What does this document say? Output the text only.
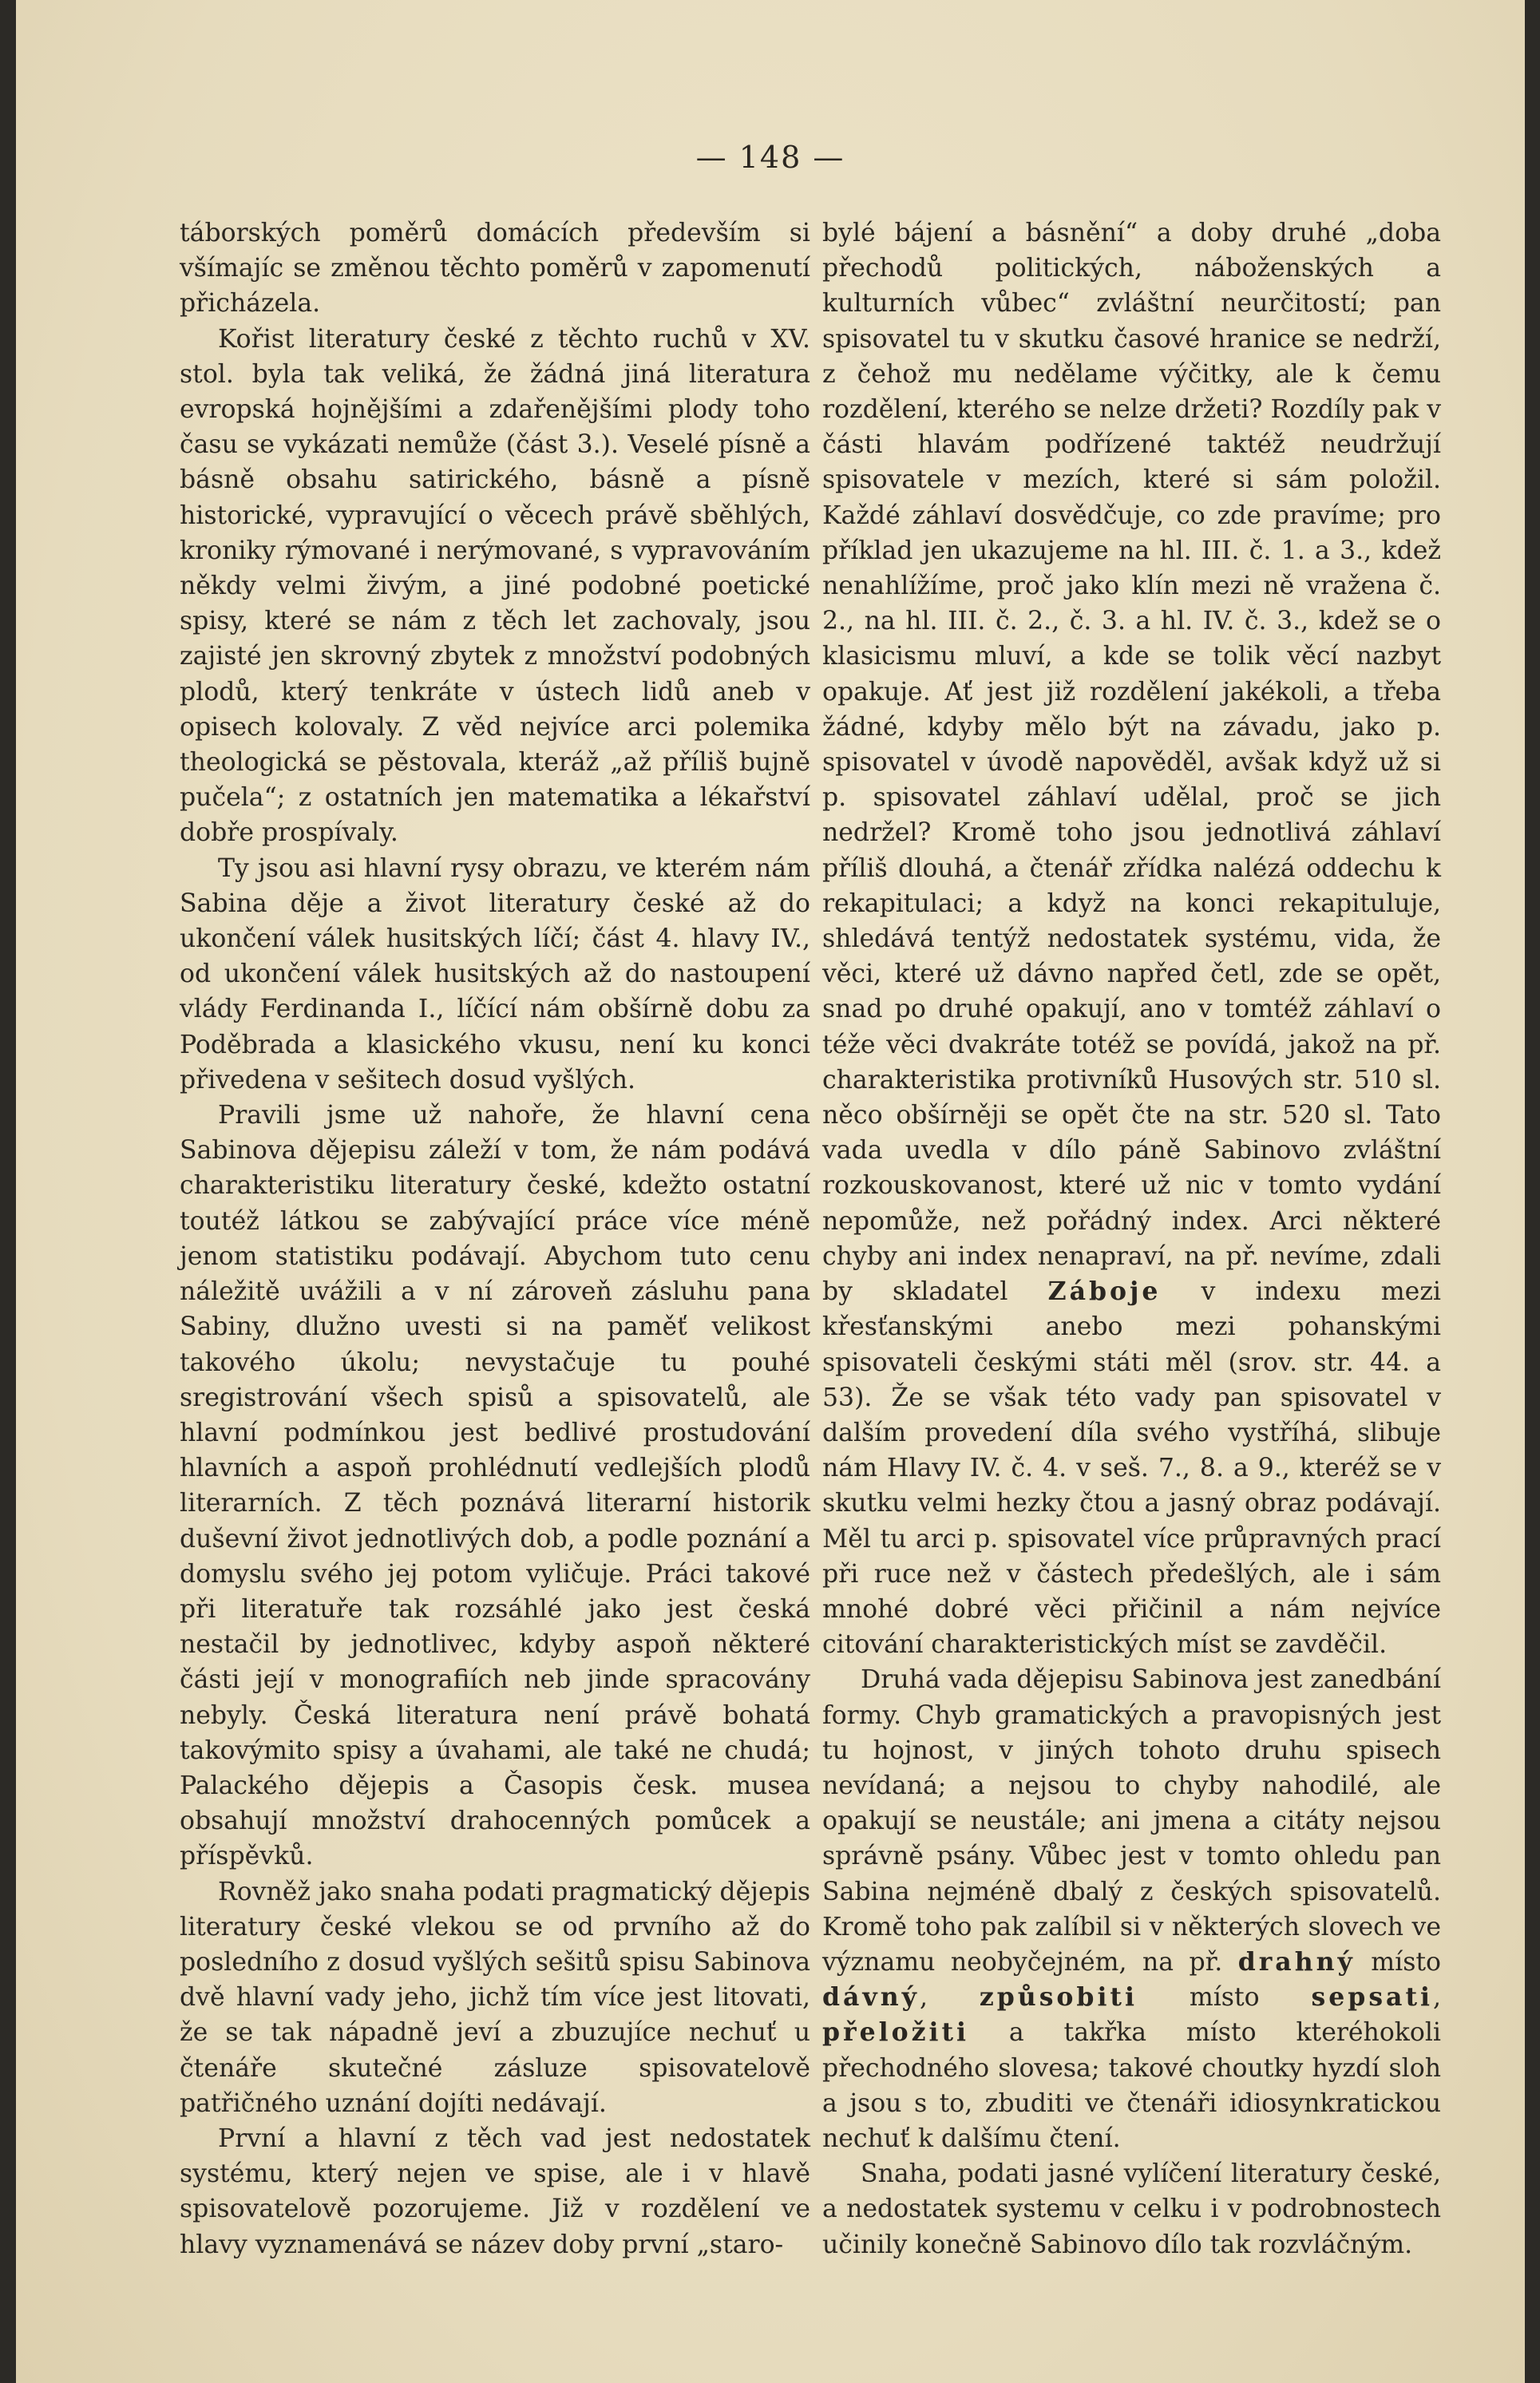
— 148 —

táborských poměrů domácích především si všímajíc se změnou těchto poměrů v zapomenutí přicházela.

Kořist literatury české z těchto ruchů v XV. stol. byla tak veliká, že žádná jiná literatura evropská hojnějšími a zdařenějšími plody toho času se vykázati nemůže (část 3.). Veselé písně a básně obsahu satirického, básně a písně historické, vypravující o věcech právě sběhlých, kroniky rýmované i nerýmované, s vypravováním někdy velmi živým, a jiné podobné poetické spisy, které se nám z těch let zachovaly, jsou zajisté jen skrovný zbytek z množství podobných plodů, který tenkráte v ústech lidů aneb v opisech kolovaly. Z věd nejvíce arci polemika theologická se pěstovala, kteráž „až příliš bujně pučela“; z ostatních jen matematika a lékařství dobře prospívaly.

Ty jsou asi hlavní rysy obrazu, ve kterém nám Sabina děje a život literatury české až do ukončení válek husitských líčí; část 4. hlavy IV., od ukončení válek husitských až do nastoupení vlády Ferdinanda I., líčící nám obšírně dobu za Poděbrada a klasického vkusu, není ku konci přivedena v sešitech dosud vyšlých.

Pravili jsme už nahoře, že hlavní cena Sabinova dějepisu záleží v tom, že nám podává charakteristiku literatury české, kdežto ostatní toutéž látkou se zabývající práce více méně jenom statistiku podávají. Abychom tuto cenu náležitě uvážili a v ní zároveň zásluhu pana Sabiny, dlužno uvesti si na paměť velikost takového úkolu; nevystačuje tu pouhé sregistrování všech spisů a spisovatelů, ale hlavní podmínkou jest bedlivé prostudování hlavních a aspoň prohlédnutí vedlejších plodů literarních. Z těch poznává literarní historik duševní život jednotlivých dob, a podle poznání a domyslu svého jej potom vyličuje. Práci takové při literatuře tak rozsáhlé jako jest česká nestačil by jednotlivec, kdyby aspoň některé části její v monografiích neb jinde spracovány nebyly. Česká literatura není právě bohatá takovýmito spisy a úvahami, ale také ne chudá; Palackého dějepis a Časopis česk. musea obsahují množství drahocenných pomůcek a příspěvků.

Rovněž jako snaha podati pragmatický dějepis literatury české vlekou se od prvního až do posledního z dosud vyšlých sešitů spisu Sabinova dvě hlavní vady jeho, jichž tím více jest litovati, že se tak nápadně jeví a zbuzujíce nechuť u čtenáře skutečné zásluze spisovatelově patřičného uznání dojíti nedávají.

První a hlavní z těch vad jest nedostatek systému, který nejen ve spise, ale i v hlavě spisovatelově pozorujeme. Již v rozdělení ve hlavy vyznamenává se název doby první „staro-

bylé bájení a básnění“ a doby druhé „doba přechodů politických, náboženských a kulturních vůbec“ zvláštní neurčitostí; pan spisovatel tu v skutku časové hranice se nedrží, z čehož mu nedělame výčitky, ale k čemu rozdělení, kterého se nelze držeti? Rozdíly pak v části hlavám podřízené taktéž neudržují spisovatele v mezích, které si sám položil. Každé záhlaví dosvědčuje, co zde pravíme; pro příklad jen ukazujeme na hl. III. č. 1. a 3., kdež nenahlížíme, proč jako klín mezi ně vražena č. 2., na hl. III. č. 2., č. 3. a hl. IV. č. 3., kdež se o klasicismu mluví, a kde se tolik věcí nazbyt opakuje. Ať jest již rozdělení jakékoli, a třeba žádné, kdyby mělo být na závadu, jako p. spisovatel v úvodě napověděl, avšak když už si p. spisovatel záhlaví udělal, proč se jich nedržel? Kromě toho jsou jednotlivá záhlaví příliš dlouhá, a čtenář zřídka nalézá oddechu k rekapitulaci; a když na konci rekapituluje, shledává tentýž nedostatek systému, vida, že věci, které už dávno napřed četl, zde se opět, snad po druhé opakují, ano v tomtéž záhlaví o téže věci dvakráte totéž se povídá, jakož na př. charakteristika protivníků Husových str. 510 sl. něco obšírněji se opět čte na str. 520 sl. Tato vada uvedla v dílo páně Sabinovo zvláštní rozkouskovanost, které už nic v tomto vydání nepomůže, než pořádný index. Arci některé chyby ani index nenapraví, na př. nevíme, zdali by skladatel Záboje v indexu mezi křesťanskými anebo mezi pohanskými spisovateli českými státi měl (srov. str. 44. a 53). Že se však této vady pan spisovatel v dalším provedení díla svého vystříhá, slibuje nám Hlavy IV. č. 4. v seš. 7., 8. a 9., kteréž se v skutku velmi hezky čtou a jasný obraz podávají. Měl tu arci p. spisovatel více průpravných prací při ruce než v částech předešlých, ale i sám mnohé dobré věci přičinil a nám nejvíce citování charakteristických míst se zavděčil.

Druhá vada dějepisu Sabinova jest zanedbání formy. Chyb gramatických a pravopisných jest tu hojnost, v jiných tohoto druhu spisech nevídaná; a nejsou to chyby nahodilé, ale opakují se neustále; ani jmena a citáty nejsou správně psány. Vůbec jest v tomto ohledu pan Sabina nejméně dbalý z českých spisovatelů. Kromě toho pak zalíbil si v některých slovech ve významu neobyčejném, na př. drahný místo dávný, způsobiti místo sepsati, přeložiti a takřka místo kteréhokoli přechodného slovesa; takové choutky hyzdí sloh a jsou s to, zbuditi ve čtenáři idiosynkratickou nechuť k dalšímu čtení.

Snaha, podati jasné vylíčení literatury české, a nedostatek systemu v celku i v podrobnostech učinily konečně Sabinovo dílo tak rozvláčným.
